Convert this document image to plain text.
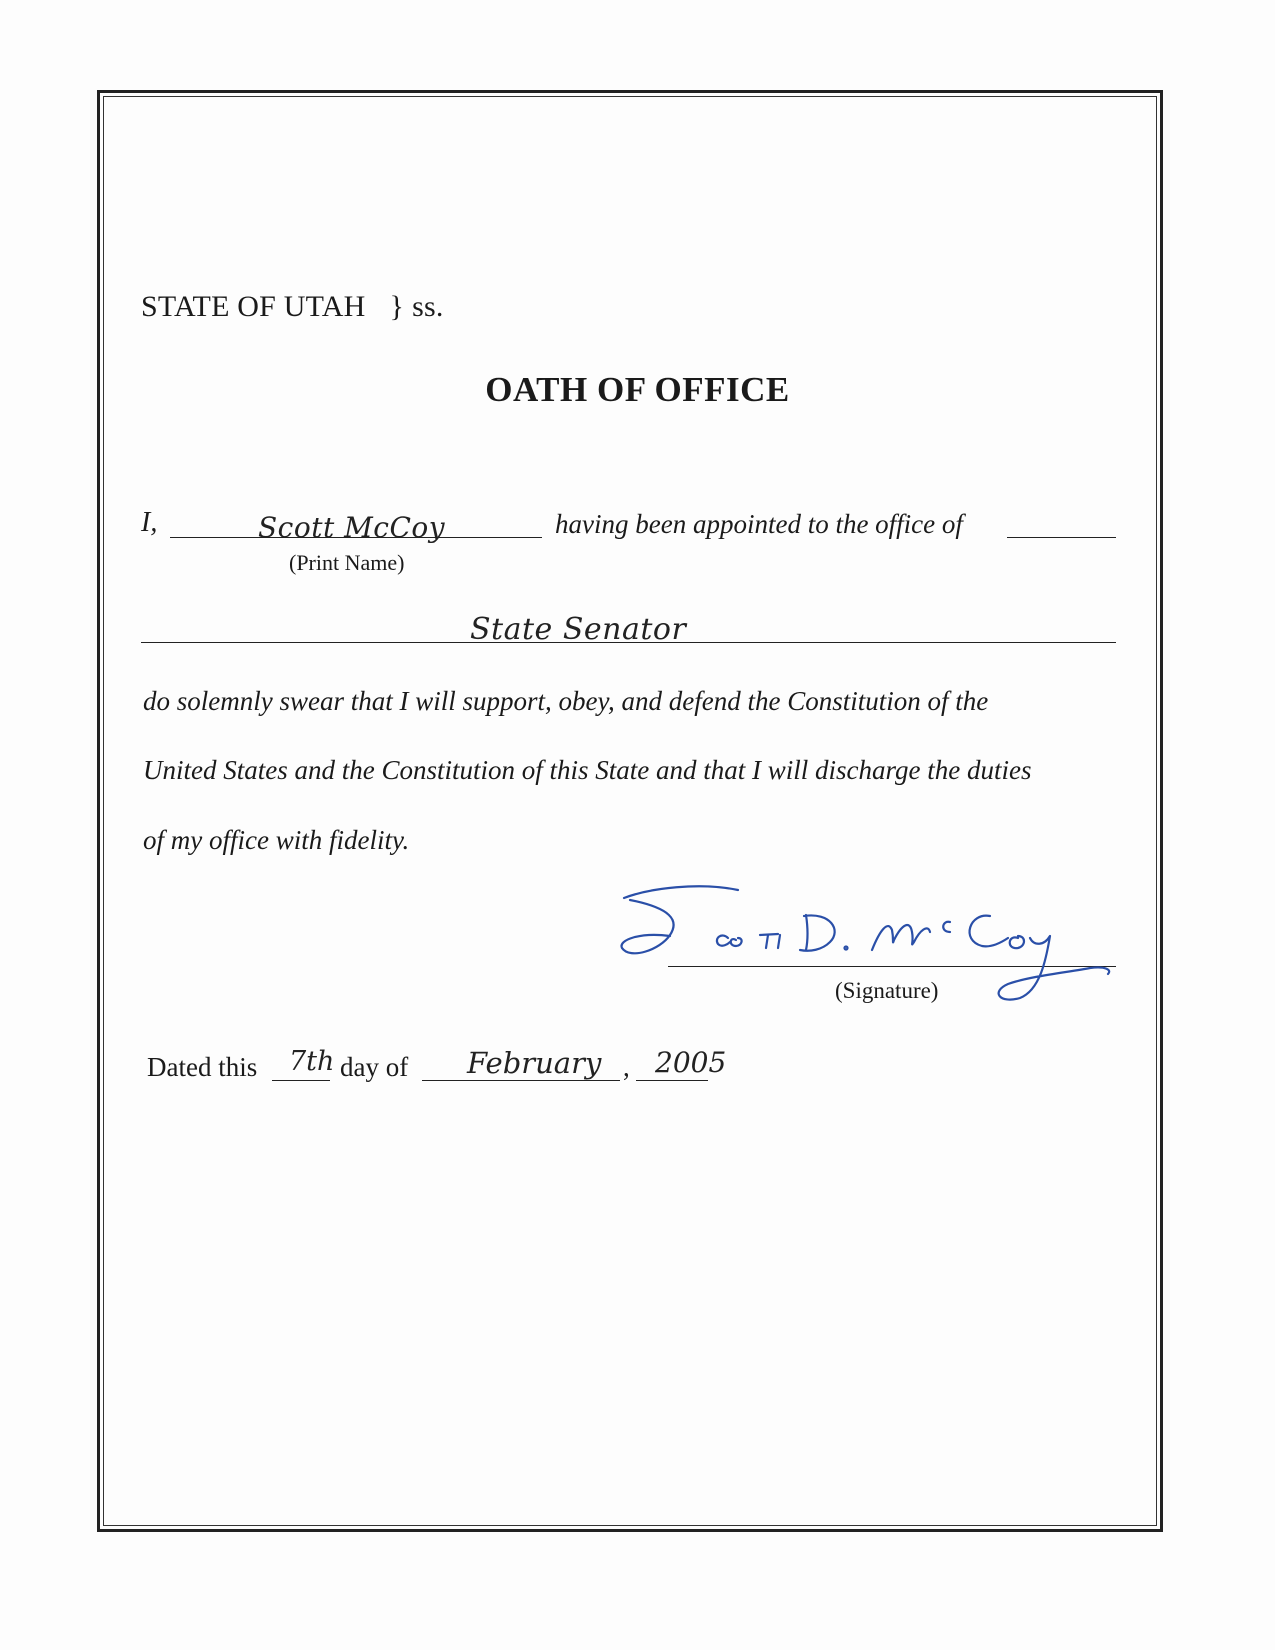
STATE OF UTAH } ss.
OATH OF OFFICE
I,	Scott McCoy	having been appointed to the office of
(Print Name)
State Senator
do solemnly swear that I will support, obey, and defend the Constitution of the
United States and the Constitution of this State and that I will discharge the duties
of my office with fidelity.
(Signature)
Dated this 7th day of February , 2005
